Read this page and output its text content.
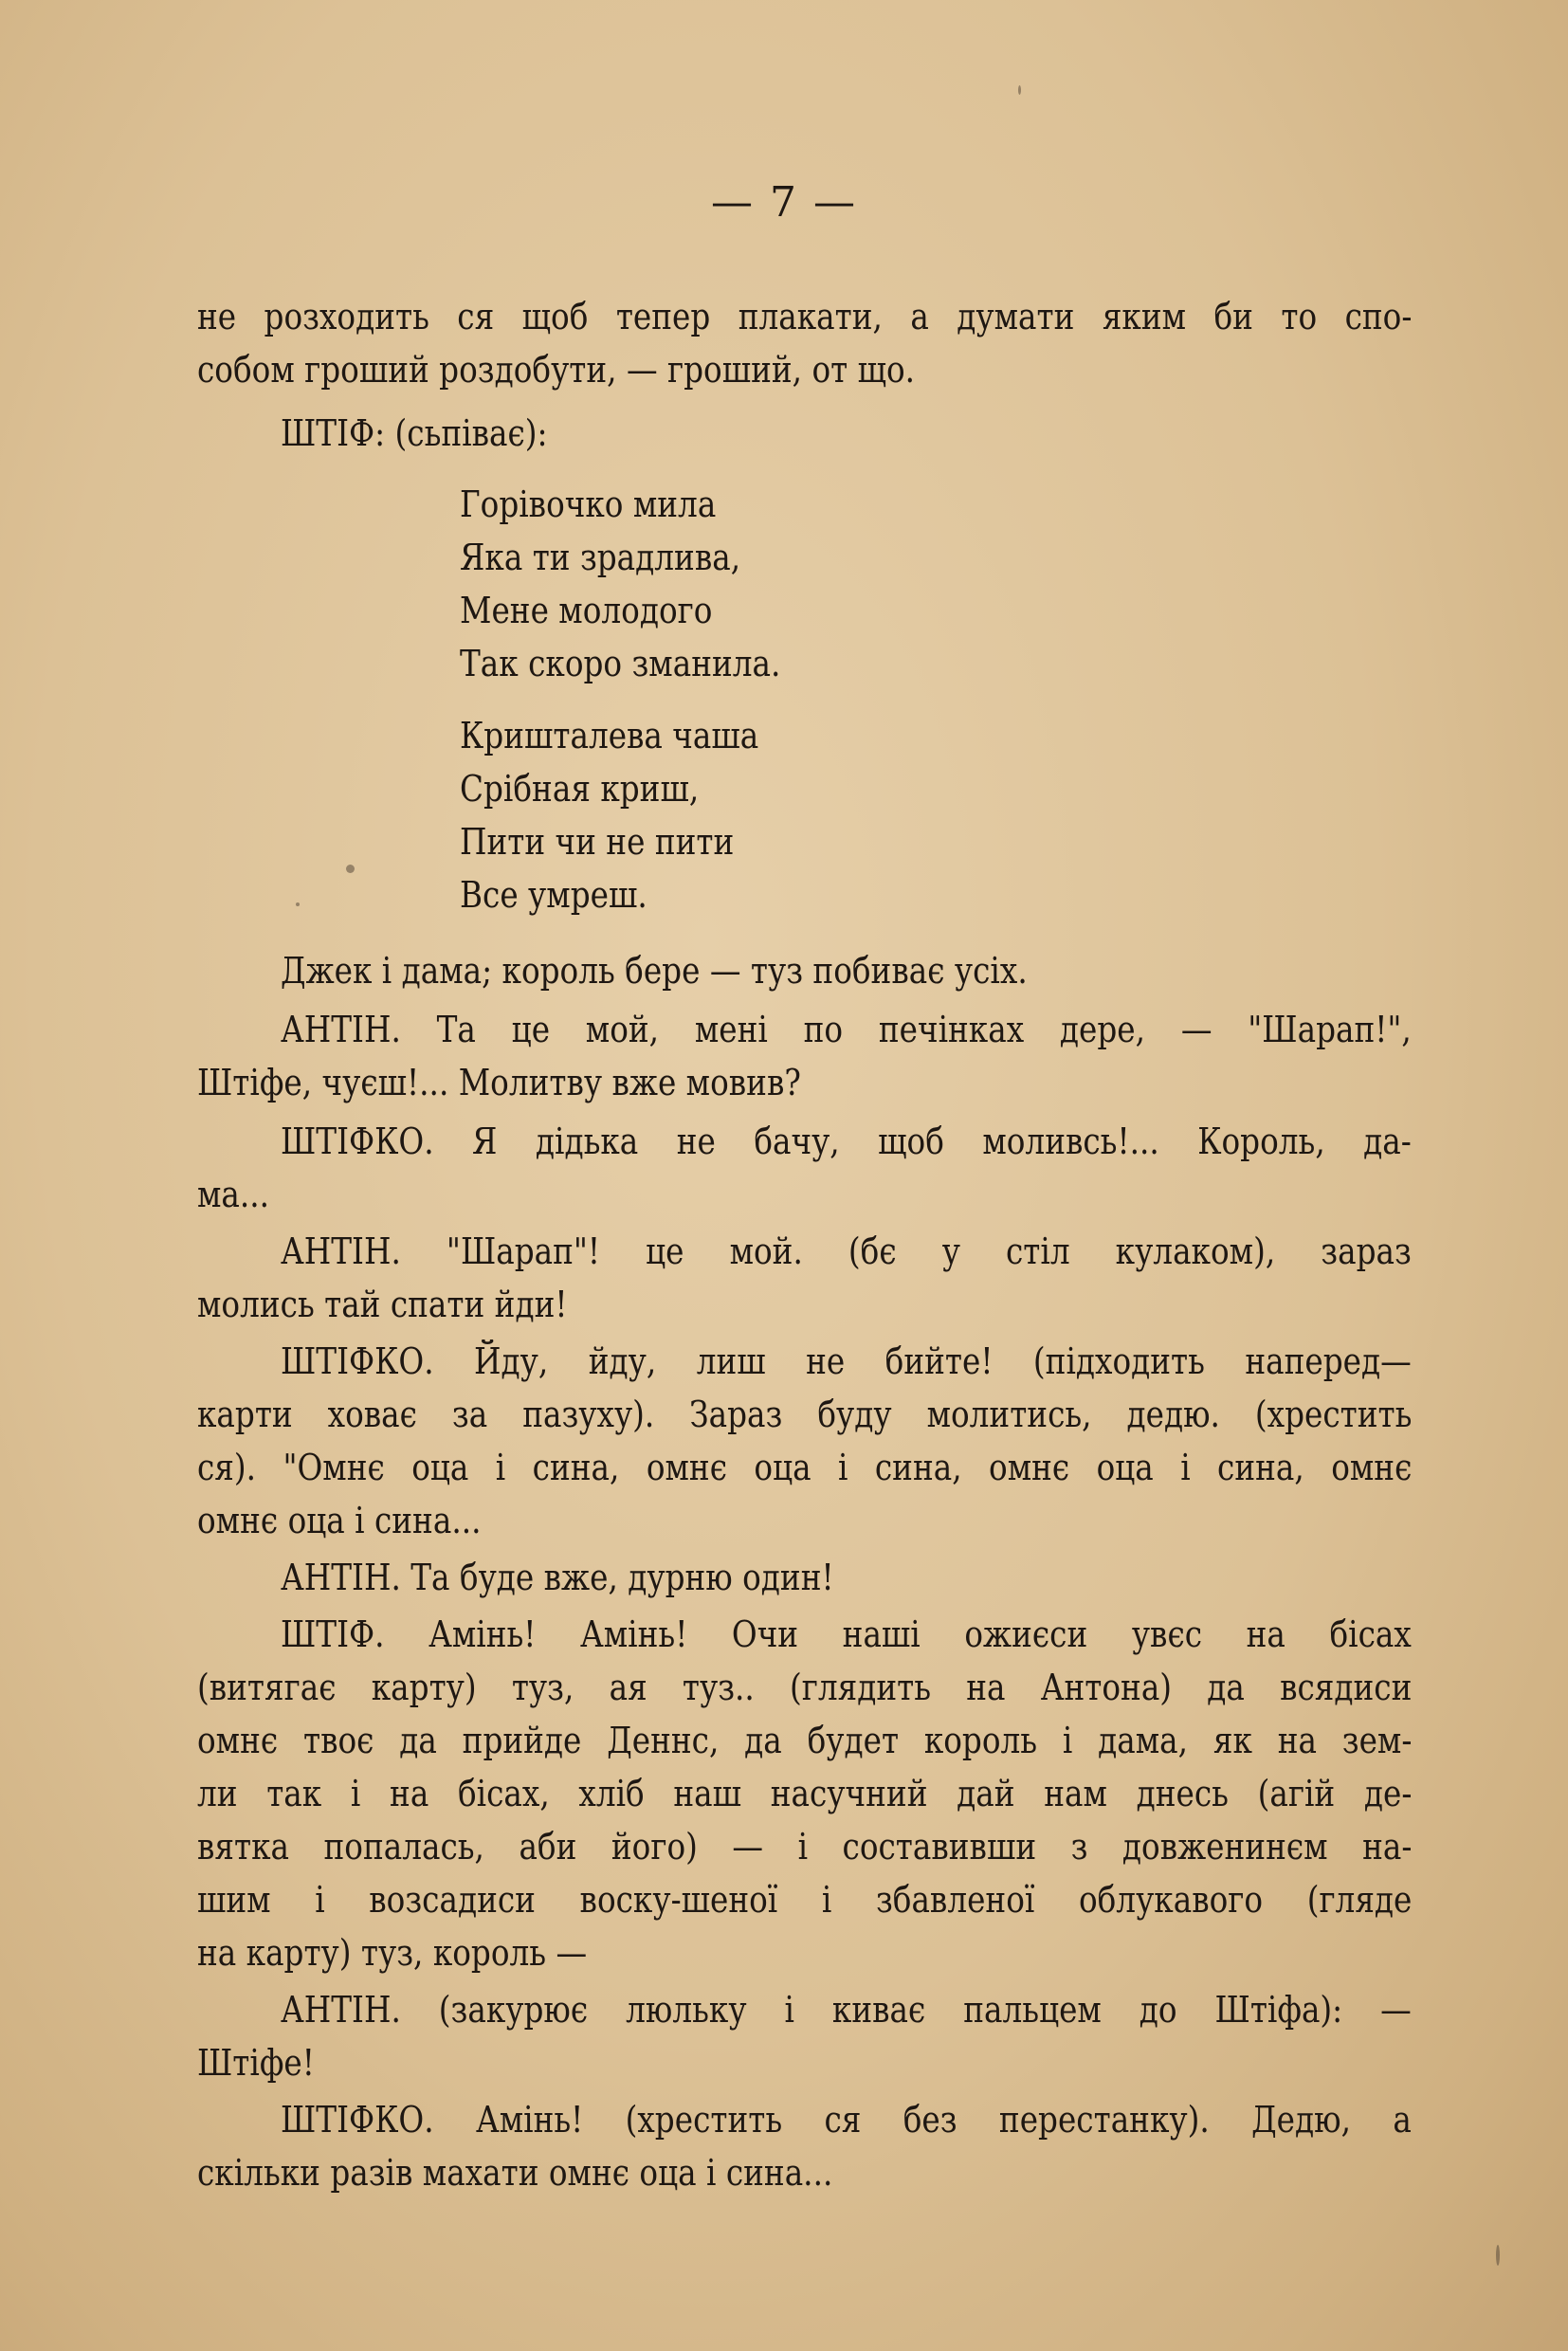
— 7 —
не розходить ся щоб тепер плакати, а думати яким би то спо-
собом гроший роздобути, — гроший, от що.
ШТІФ: (сьпіває):
Горівочко мила
Яка ти зрадлива,
Мене молодого
Так скоро зманила.
Кришталева чаша
Срібная криш,
Пити чи не пити
Все умреш.
Джек і дама; король бере — туз побиває усіх.
АНТІН. Та це мой, мені по печінках дере, — "Шарап!",
Штіфе, чуєш!... Молитву вже мовив?
ШТІФКО. Я дідька не бачу, щоб моливсь!... Король, да-
ма...
АНТІН. "Шарап"! це мой. (бє у стіл кулаком), зараз
молись тай спати йди!
ШТІФКО. Йду, йду, лиш не бийте! (підходить наперед—
карти ховає за пазуху). Зараз буду молитись, дедю. (хрестить
ся). "Омнє оца і сина, омнє оца і сина, омнє оца і сина, омнє
омнє оца і сина...
АНТІН. Та буде вже, дурню один!
ШТІФ. Амінь! Амінь! Очи наші ожиєси увєс на бісах
(витягає карту) туз, ая туз.. (глядить на Антона) да всядиси
омнє твоє да прийде Деннс, да будет король і дама, як на зем-
ли так і на бісах, хліб наш насучний дай нам днесь (агій де-
вятка попалась, аби його) — і составивши з довженинєм на-
шим і возсадиси воску-шеної і збавленої облукавого (гляде
на карту) туз, король —
АНТІН. (закурює люльку і киває пальцем до Штіфа): —
Штіфе!
ШТІФКО. Амінь! (хрестить ся без перестанку). Дедю, а
скільки разів махати омнє оца і сина...
